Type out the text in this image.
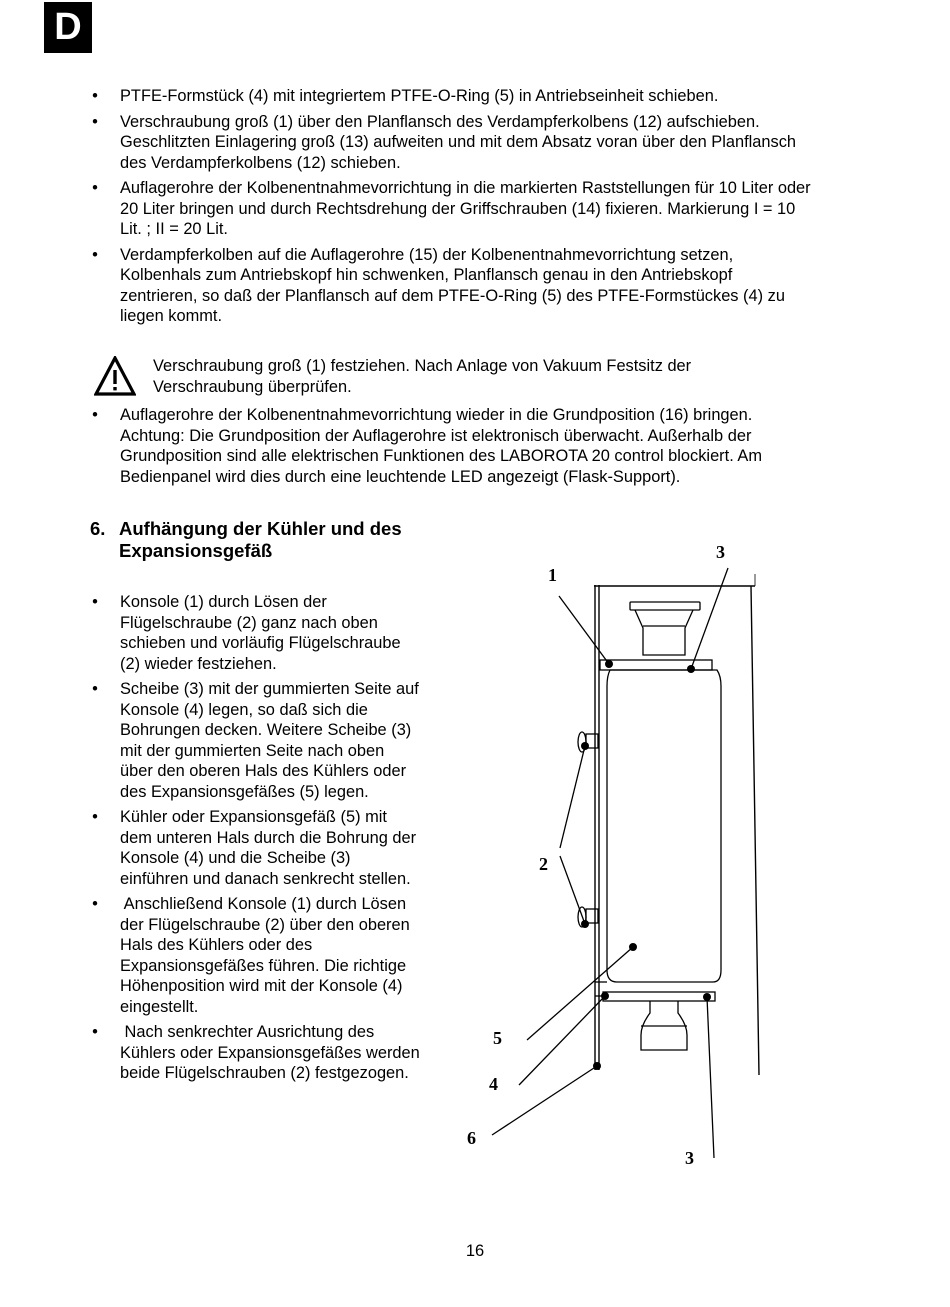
D
• PTFE-Formstück (4) mit integriertem PTFE-O-Ring (5) in Antriebseinheit schieben.
• Verschraubung groß (1) über den Planflansch des Verdampferkolbens (12) aufschieben.
Geschlitzten Einlagering groß (13) aufweiten und mit dem Absatz voran über den Planflansch
des Verdampferkolbens (12) schieben.
• Auflagerohre der Kolbenentnahmevorrichtung in die markierten Raststellungen für 10 Liter oder
20 Liter bringen und durch Rechtsdrehung der Griffschrauben (14) fixieren. Markierung I = 10
Lit. ; II = 20 Lit.
• Verdampferkolben auf die Auflagerohre (15) der Kolbenentnahmevorrichtung setzen,
Kolbenhals zum Antriebskopf hin schwenken, Planflansch genau in den Antriebskopf
zentrieren, so daß der Planflansch auf dem PTFE-O-Ring (5) des PTFE-Formstückes (4) zu
liegen kommt.
Verschraubung groß (1) festziehen. Nach Anlage von Vakuum Festsitz der
Verschraubung überprüfen.
• Auflagerohre der Kolbenentnahmevorrichtung wieder in die Grundposition (16) bringen.
Achtung: Die Grundposition der Auflagerohre ist elektronisch überwacht. Außerhalb der
Grundposition sind alle elektrischen Funktionen des LABOROTA 20 control blockiert. Am
Bedienpanel wird dies durch eine leuchtende LED angezeigt (Flask-Support).
6. Aufhängung der Kühler und des
Expansionsgefäß
• Konsole (1) durch Lösen der
Flügelschraube (2) ganz nach oben
schieben und vorläufig Flügelschraube
(2) wieder festziehen.
• Scheibe (3) mit der gummierten Seite auf
Konsole (4) legen, so daß sich die
Bohrungen decken. Weitere Scheibe (3)
mit der gummierten Seite nach oben
über den oberen Hals des Kühlers oder
des Expansionsgefäßes (5) legen.
• Kühler oder Expansionsgefäß (5) mit
dem unteren Hals durch die Bohrung der
Konsole (4) und die Scheibe (3)
einführen und danach senkrecht stellen.
• Anschließend Konsole (1) durch Lösen
der Flügelschraube (2) über den oberen
Hals des Kühlers oder des
Expansionsgefäßes führen. Die richtige
Höhenposition wird mit der Konsole (4)
eingestellt.
• Nach senkrechter Ausrichtung des
Kühlers oder Expansionsgefäßes werden
beide Flügelschrauben (2) festgezogen.
1
3
2
5
4
6
3
16
